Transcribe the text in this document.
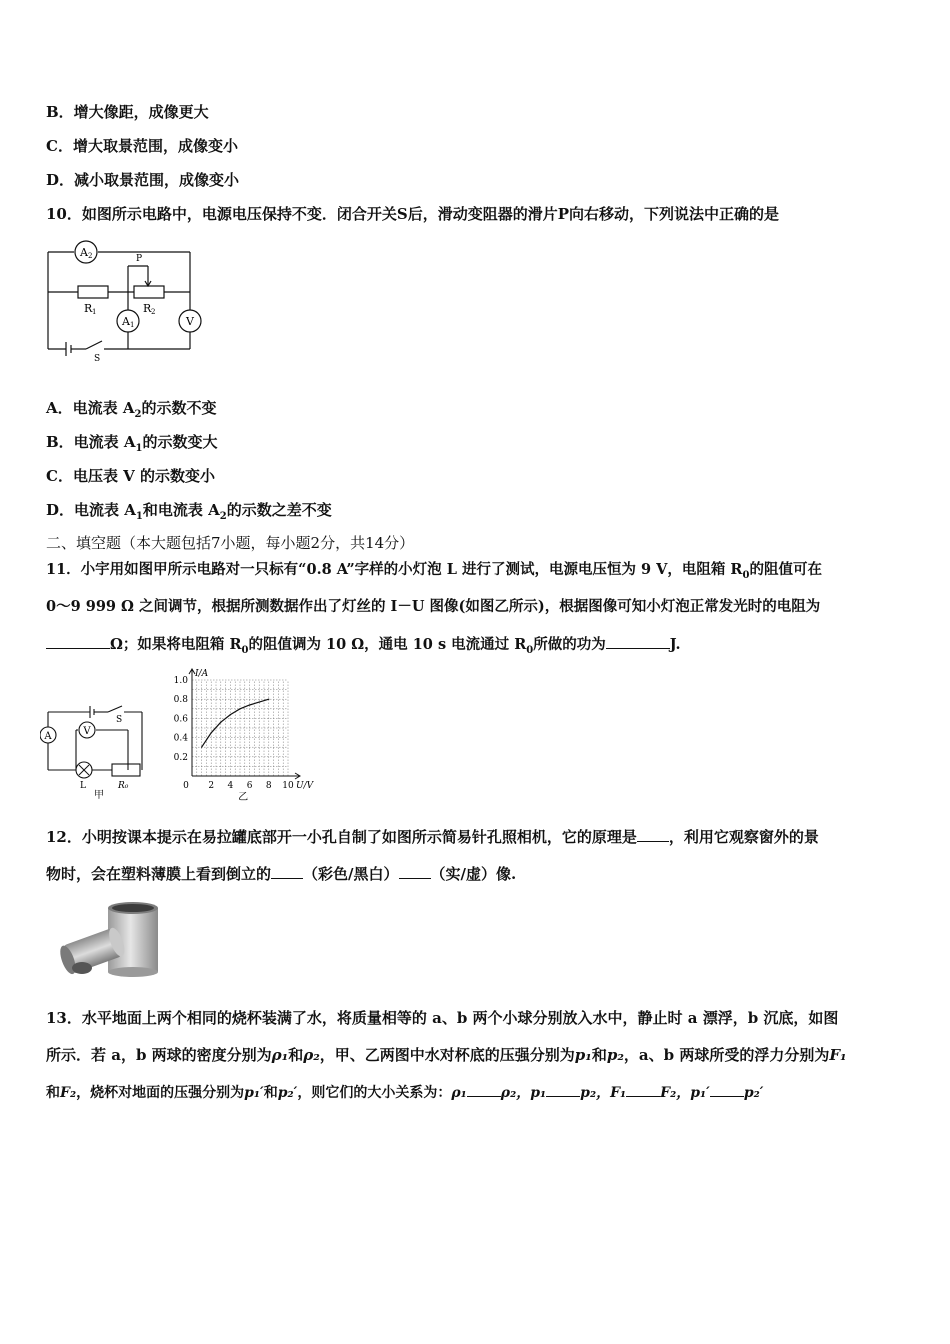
B．增大像距，成像更大
C．增大取景范围，成像变小
D．减小取景范围，成像变小
10．如图所示电路中，电源电压保持不变．闭合开关S后，滑动变阻器的滑片P向右移动，下列说法中正确的是
A 2
A 1	V
P
R 1	R 2
S
A．电流表 $A_2$的示数不变
B．电流表 $A_1$的示数变大
C．电压表 V 的示数变小
D．电流表 $A_1$和电流表 $A_2$的示数之差不变
二、填空题（本大题包括7小题，每小题2分，共14分）
11．小宇用如图甲所示电路对一只标有“0.8 A”字样的小灯泡 L 进行了测试，电源电压恒为 9 V，电阻箱 $R_0$的阻值可在
0～9 999 Ω 之间调节，根据所测数据作出了灯丝的 I－U 图像(如图乙所示)，根据图像可知小灯泡正常发光时的电阻为
Ω；如果将电阻箱 $R_0$的阻值调为 10 Ω，通电 10 s 电流通过 $R_0$所做的功为	J.
A	V
S
L	R₀
甲
0 2 4 6 8 10
0.2
0.4
0.6
0.8
1.0
I/A
U/V
乙
12．小明按课本提示在易拉罐底部开一小孔自制了如图所示简易针孔照相机，它的原理是 ，利用它观察窗外的景
物时，会在塑料薄膜上看到倒立的 （彩色/黑白） （实/虚）像.
13．水平地面上两个相同的烧杯装满了水，将质量相等的 a、b 两个小球分别放入水中，静止时 a 漂浮，b 沉底，如图
所示．若 a，b 两球的密度分别为ρ₁和ρ₂，甲、乙两图中水对杯底的压强分别为p₁和p₂，a、b 两球所受的浮力分别为F₁
和F₂，烧杯对地面的压强分别为p₁′和p₂′，则它们的大小关系为：ρ₁ ρ₂，p₁ p₂，F₁ F₂，p₁′ p₂′
